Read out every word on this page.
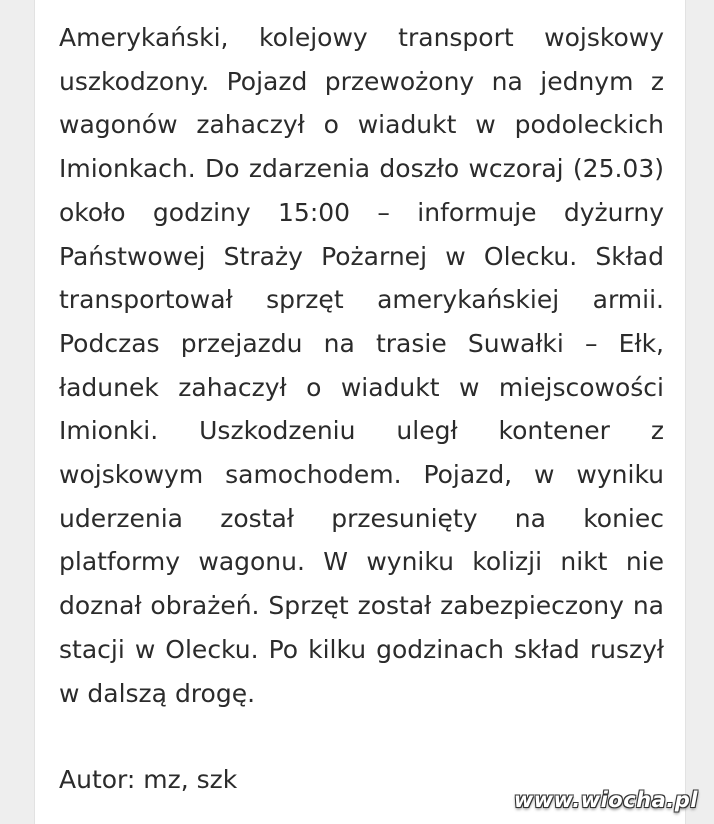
Amerykański, kolejowy transport wojskowy uszkodzony. Pojazd przewożony na jednym z wagonów zahaczył o wiadukt w podoleckich Imionkach. Do zdarzenia doszło wczoraj (25.03) około godziny 15:00 – informuje dyżurny Państwowej Straży Pożarnej w Olecku. Skład transportował sprzęt amerykańskiej armii. Podczas przejazdu na trasie Suwałki – Ełk, ładunek zahaczył o wiadukt w miejscowości Imionki. Uszkodzeniu uległ kontener z wojskowym samochodem. Pojazd, w wyniku uderzenia został przesunięty na koniec platformy wagonu. W wyniku kolizji nikt nie doznał obrażeń. Sprzęt został zabezpieczony na stacji w Olecku. Po kilku godzinach skład ruszył w dalszą drogę.

Autor: mz, szk

www.wiocha.pl
